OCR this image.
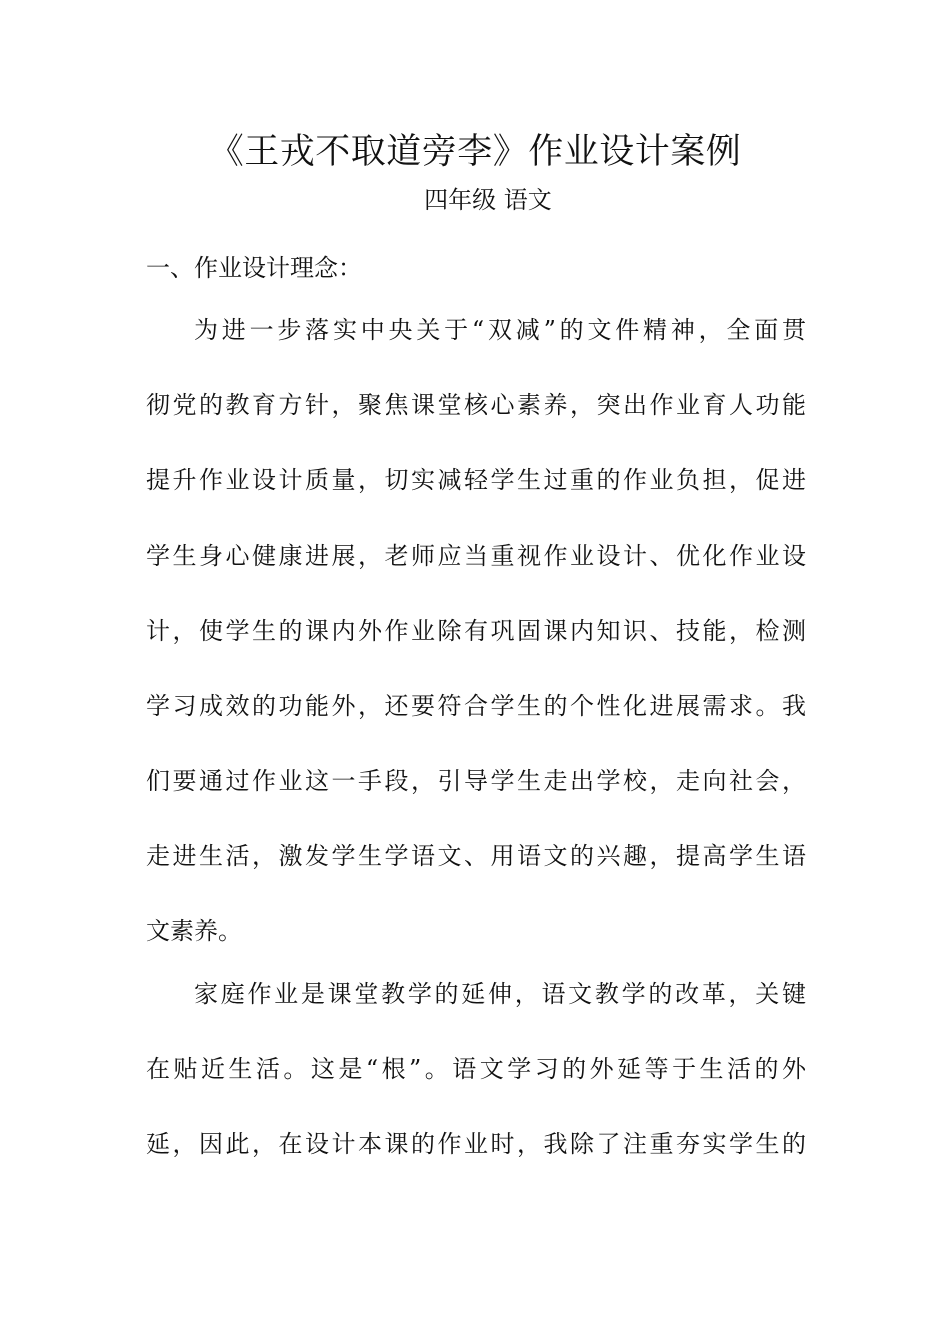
《王戎不取道旁李》作业设计案例
四年级 语文
一、作业设计理念：
为进一步落实中央关于“双减”的文件精神，全面贯
彻党的教育方针，聚焦课堂核心素养，突出作业育人功能
提升作业设计质量，切实减轻学生过重的作业负担，促进
学生身心健康进展，老师应当重视作业设计、优化作业设
计，使学生的课内外作业除有巩固课内知识、技能，检测
学习成效的功能外，还要符合学生的个性化进展需求。我
们要通过作业这一手段，引导学生走出学校，走向社会，
走进生活，激发学生学语文、用语文的兴趣，提高学生语
文素养。
家庭作业是课堂教学的延伸，语文教学的改革，关键
在贴近生活。这是“根”。语文学习的外延等于生活的外
延，因此，在设计本课的作业时，我除了注重夯实学生的
